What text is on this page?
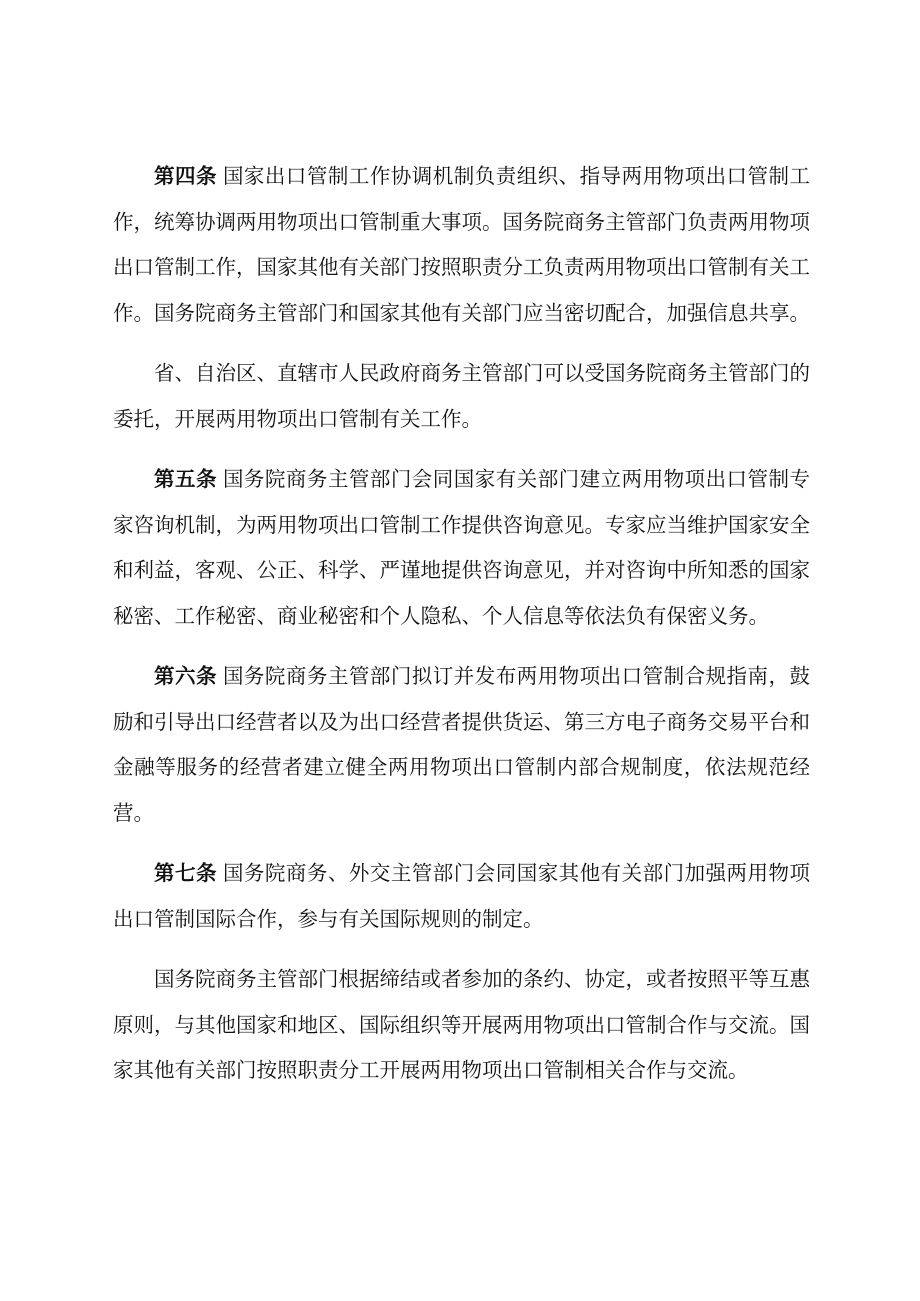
第四条 国家出口管制工作协调机制负责组织、指导两用物项出口管制工作，统筹协调两用物项出口管制重大事项。国务院商务主管部门负责两用物项出口管制工作，国家其他有关部门按照职责分工负责两用物项出口管制有关工作。国务院商务主管部门和国家其他有关部门应当密切配合，加强信息共享。

省、自治区、直辖市人民政府商务主管部门可以受国务院商务主管部门的委托，开展两用物项出口管制有关工作。

第五条 国务院商务主管部门会同国家有关部门建立两用物项出口管制专家咨询机制，为两用物项出口管制工作提供咨询意见。专家应当维护国家安全和利益，客观、公正、科学、严谨地提供咨询意见，并对咨询中所知悉的国家秘密、工作秘密、商业秘密和个人隐私、个人信息等依法负有保密义务。

第六条 国务院商务主管部门拟订并发布两用物项出口管制合规指南，鼓励和引导出口经营者以及为出口经营者提供货运、第三方电子商务交易平台和金融等服务的经营者建立健全两用物项出口管制内部合规制度，依法规范经营。

第七条 国务院商务、外交主管部门会同国家其他有关部门加强两用物项出口管制国际合作，参与有关国际规则的制定。

国务院商务主管部门根据缔结或者参加的条约、协定，或者按照平等互惠原则，与其他国家和地区、国际组织等开展两用物项出口管制合作与交流。国家其他有关部门按照职责分工开展两用物项出口管制相关合作与交流。
